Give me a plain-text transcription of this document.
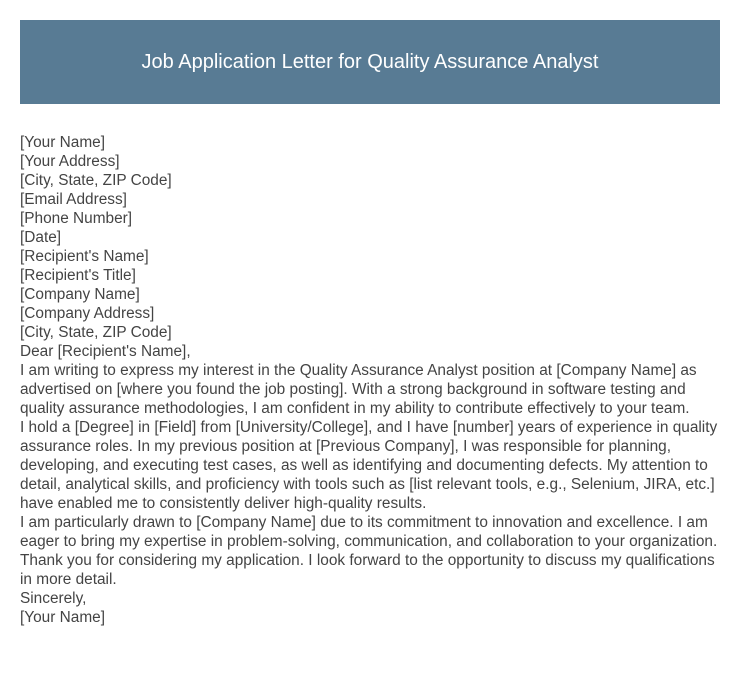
Job Application Letter for Quality Assurance Analyst

[Your Name]

[Your Address]

[City, State, ZIP Code]

[Email Address]

[Phone Number]

[Date]

[Recipient's Name]

[Recipient's Title]

[Company Name]

[Company Address]

[City, State, ZIP Code]

Dear [Recipient's Name],

I am writing to express my interest in the Quality Assurance Analyst position at [Company Name] as advertised on [where you found the job posting]. With a strong background in software testing and quality assurance methodologies, I am confident in my ability to contribute effectively to your team.

I hold a [Degree] in [Field] from [University/College], and I have [number] years of experience in quality assurance roles. In my previous position at [Previous Company], I was responsible for planning, developing, and executing test cases, as well as identifying and documenting defects. My attention to detail, analytical skills, and proficiency with tools such as [list relevant tools, e.g., Selenium, JIRA, etc.] have enabled me to consistently deliver high-quality results.

I am particularly drawn to [Company Name] due to its commitment to innovation and excellence. I am eager to bring my expertise in problem-solving, communication, and collaboration to your organization.

Thank you for considering my application. I look forward to the opportunity to discuss my qualifications in more detail.

Sincerely,

[Your Name]
